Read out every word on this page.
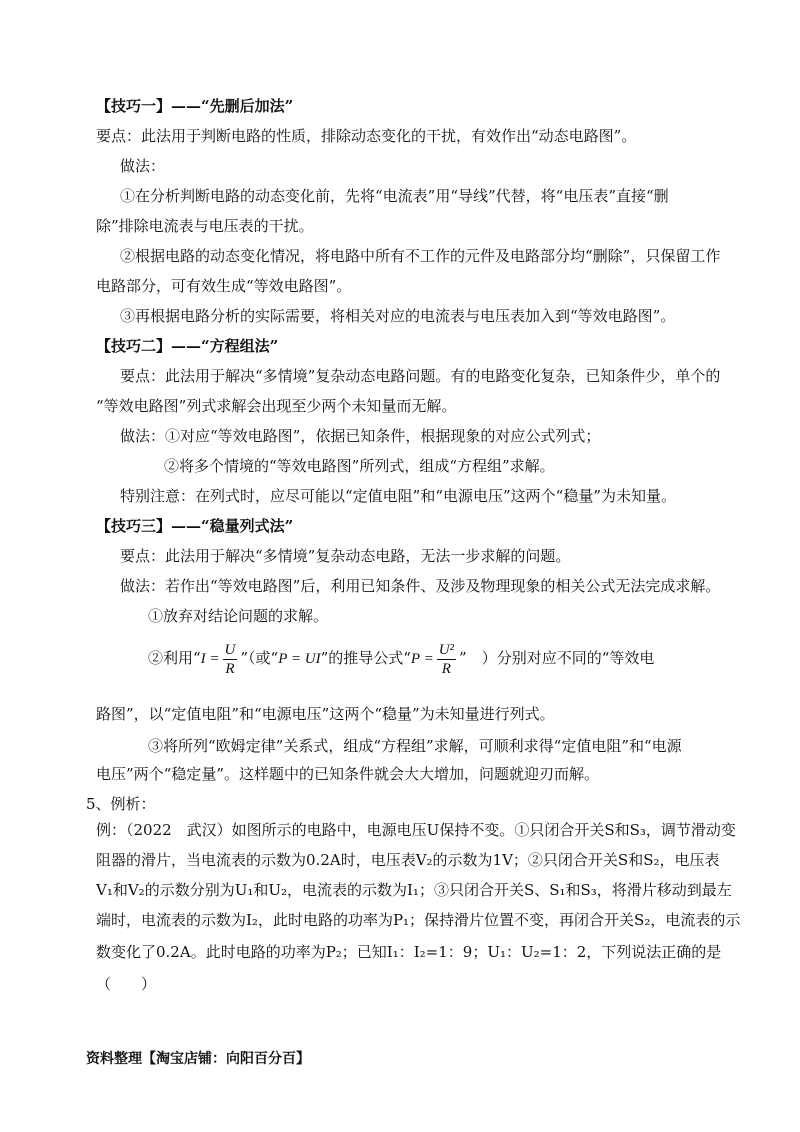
【技巧一】——“先删后加法”
要点：此法用于判断电路的性质，排除动态变化的干扰，有效作出“动态电路图”。
做法：
①在分析判断电路的动态变化前，先将“电流表”用“导线”代替，将“电压表”直接“删
除”排除电流表与电压表的干扰。
②根据电路的动态变化情况，将电路中所有不工作的元件及电路部分均“删除”，只保留工作
电路部分，可有效生成“等效电路图”。
③再根据电路分析的实际需要，将相关对应的电流表与电压表加入到“等效电路图”。
【技巧二】——“方程组法”
要点：此法用于解决“多情境”复杂动态电路问题。有的电路变化复杂，已知条件少，单个的
“等效电路图”列式求解会出现至少两个未知量而无解。
做法：①对应“等效电路图”，依据已知条件，根据现象的对应公式列式；
②将多个情境的“等效电路图”所列式，组成“方程组”求解。
特别注意：在列式时，应尽可能以“定值电阻”和“电源电压”这两个“稳量”为未知量。
【技巧三】——“稳量列式法”
要点：此法用于解决“多情境”复杂动态电路，无法一步求解的问题。
做法：若作出“等效电路图”后，利用已知条件、及涉及物理现象的相关公式无法完成求解。
①放弃对结论问题的求解。
②利用“$I = \frac{U}{R}$ ”（或“P = UI”的推导公式“$P = \frac{\text{U²}}{R}$ ”　）分别对应不同的“等效电
路图”，以“定值电阻”和“电源电压”这两个“稳量”为未知量进行列式。
③将所列“欧姆定律”关系式，组成“方程组”求解，可顺利求得“定值电阻”和“电源
电压”两个“稳定量”。这样题中的已知条件就会大大增加，问题就迎刃而解。
5、例析：
例：（2022　武汉）如图所示的电路中，电源电压U保持不变。①只闭合开关S和S₃，调节滑动变
阻器的滑片，当电流表的示数为0.2A时，电压表V₂的示数为1V；②只闭合开关S和S₂，电压表
V₁和V₂的示数分别为U₁和U₂，电流表的示数为I₁；③只闭合开关S、S₁和S₃，将滑片移动到最左
端时，电流表的示数为I₂，此时电路的功率为P₁；保持滑片位置不变，再闭合开关S₂，电流表的示
数变化了0.2A。此时电路的功率为P₂；已知I₁：I₂=1：9；U₁：U₂=1：2，下列说法正确的是
（　　）
资料整理【淘宝店铺：向阳百分百】
